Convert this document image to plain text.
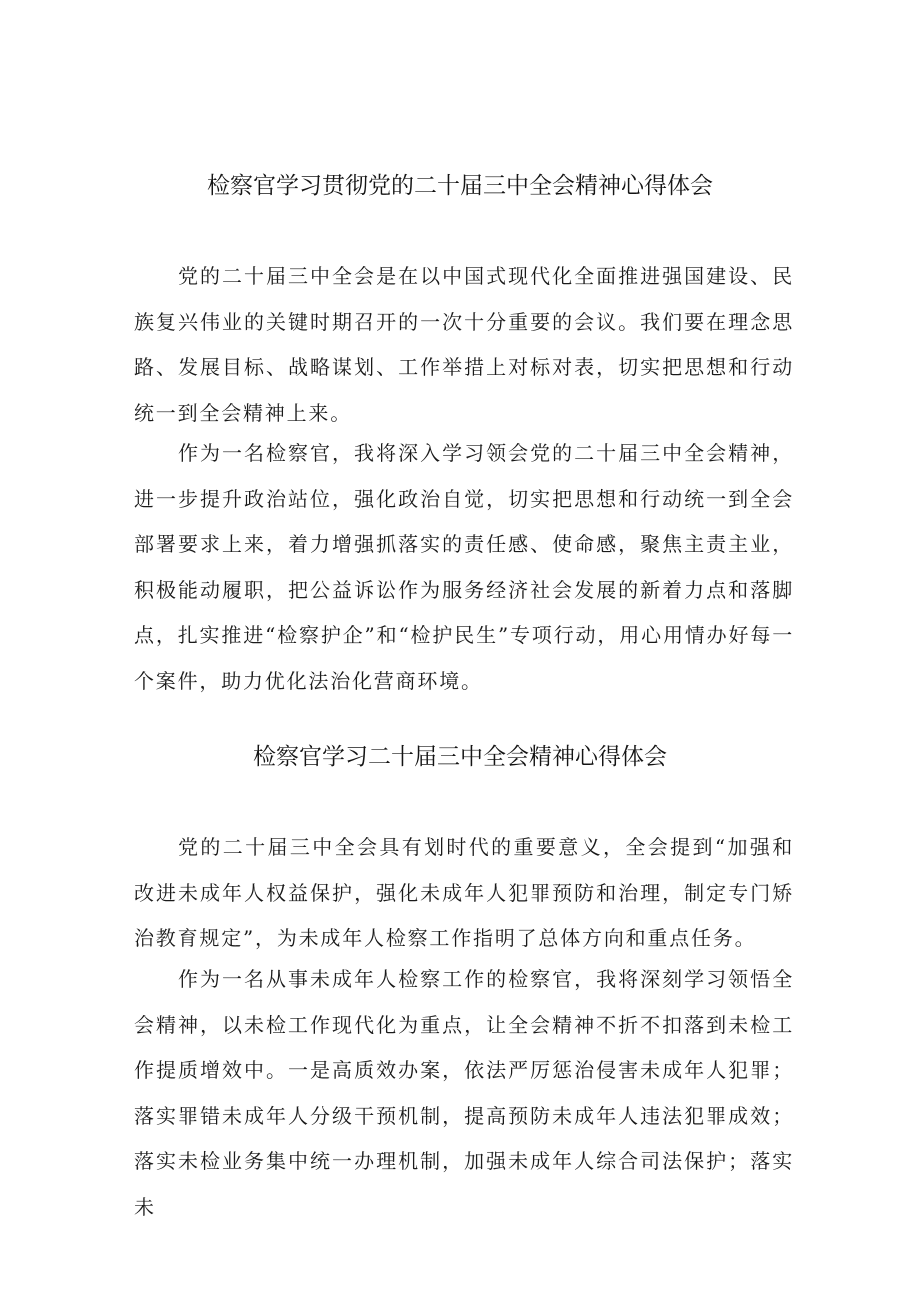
检察官学习贯彻党的二十届三中全会精神心得体会

党的二十届三中全会是在以中国式现代化全面推进强国建设、民族复兴伟业的关键时期召开的一次十分重要的会议。我们要在理念思路、发展目标、战略谋划、工作举措上对标对表，切实把思想和行动统一到全会精神上来。

作为一名检察官，我将深入学习领会党的二十届三中全会精神，进一步提升政治站位，强化政治自觉，切实把思想和行动统一到全会部署要求上来，着力增强抓落实的责任感、使命感，聚焦主责主业，积极能动履职，把公益诉讼作为服务经济社会发展的新着力点和落脚点，扎实推进“检察护企”和“检护民生”专项行动，用心用情办好每一个案件，助力优化法治化营商环境。

检察官学习二十届三中全会精神心得体会

党的二十届三中全会具有划时代的重要意义，全会提到“加强和改进未成年人权益保护，强化未成年人犯罪预防和治理，制定专门矫治教育规定”，为未成年人检察工作指明了总体方向和重点任务。

作为一名从事未成年人检察工作的检察官，我将深刻学习领悟全会精神，以未检工作现代化为重点，让全会精神不折不扣落到未检工作提质增效中。一是高质效办案，依法严厉惩治侵害未成年人犯罪；落实罪错未成年人分级干预机制，提高预防未成年人违法犯罪成效；落实未检业务集中统一办理机制，加强未成年人综合司法保护；落实未
